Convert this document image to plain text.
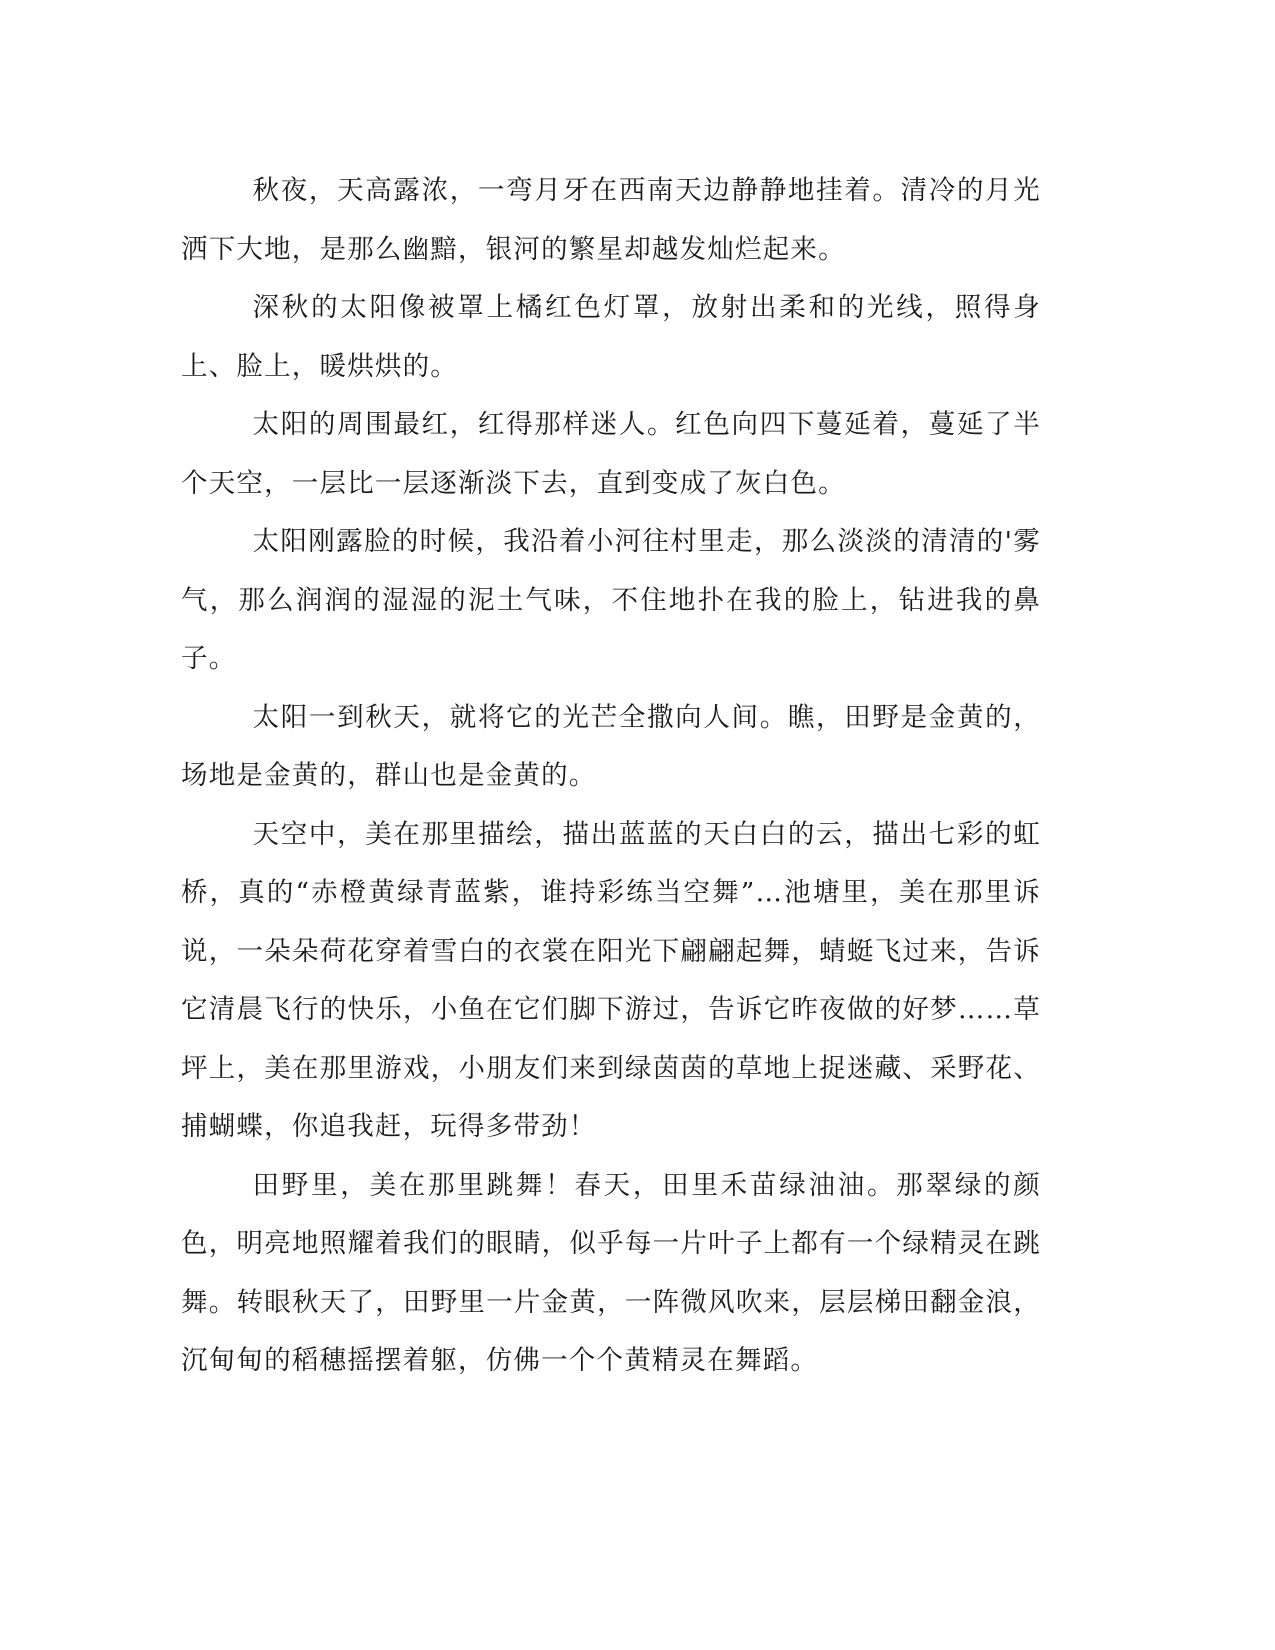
秋夜，天高露浓，一弯月牙在西南天边静静地挂着。清冷的月光洒下大地，是那么幽黯，银河的繁星却越发灿烂起来。

深秋的太阳像被罩上橘红色灯罩，放射出柔和的光线，照得身上、脸上，暖烘烘的。

太阳的周围最红，红得那样迷人。红色向四下蔓延着，蔓延了半个天空，一层比一层逐渐淡下去，直到变成了灰白色。

太阳刚露脸的时候，我沿着小河往村里走，那么淡淡的清清的'雾气，那么润润的湿湿的泥土气味，不住地扑在我的脸上，钻进我的鼻子。

太阳一到秋天，就将它的光芒全撒向人间。瞧，田野是金黄的，场地是金黄的，群山也是金黄的。

天空中，美在那里描绘，描出蓝蓝的天白白的云，描出七彩的虹桥，真的“赤橙黄绿青蓝紫，谁持彩练当空舞”…池塘里，美在那里诉说，一朵朵荷花穿着雪白的衣裳在阳光下翩翩起舞，蜻蜓飞过来，告诉它清晨飞行的快乐，小鱼在它们脚下游过，告诉它昨夜做的好梦……草坪上，美在那里游戏，小朋友们来到绿茵茵的草地上捉迷藏、采野花、捕蝴蝶，你追我赶，玩得多带劲！

田野里，美在那里跳舞！春天，田里禾苗绿油油。那翠绿的颜色，明亮地照耀着我们的眼睛，似乎每一片叶子上都有一个绿精灵在跳舞。转眼秋天了，田野里一片金黄，一阵微风吹来，层层梯田翻金浪，沉甸甸的稻穗摇摆着躯，仿佛一个个黄精灵在舞蹈。
